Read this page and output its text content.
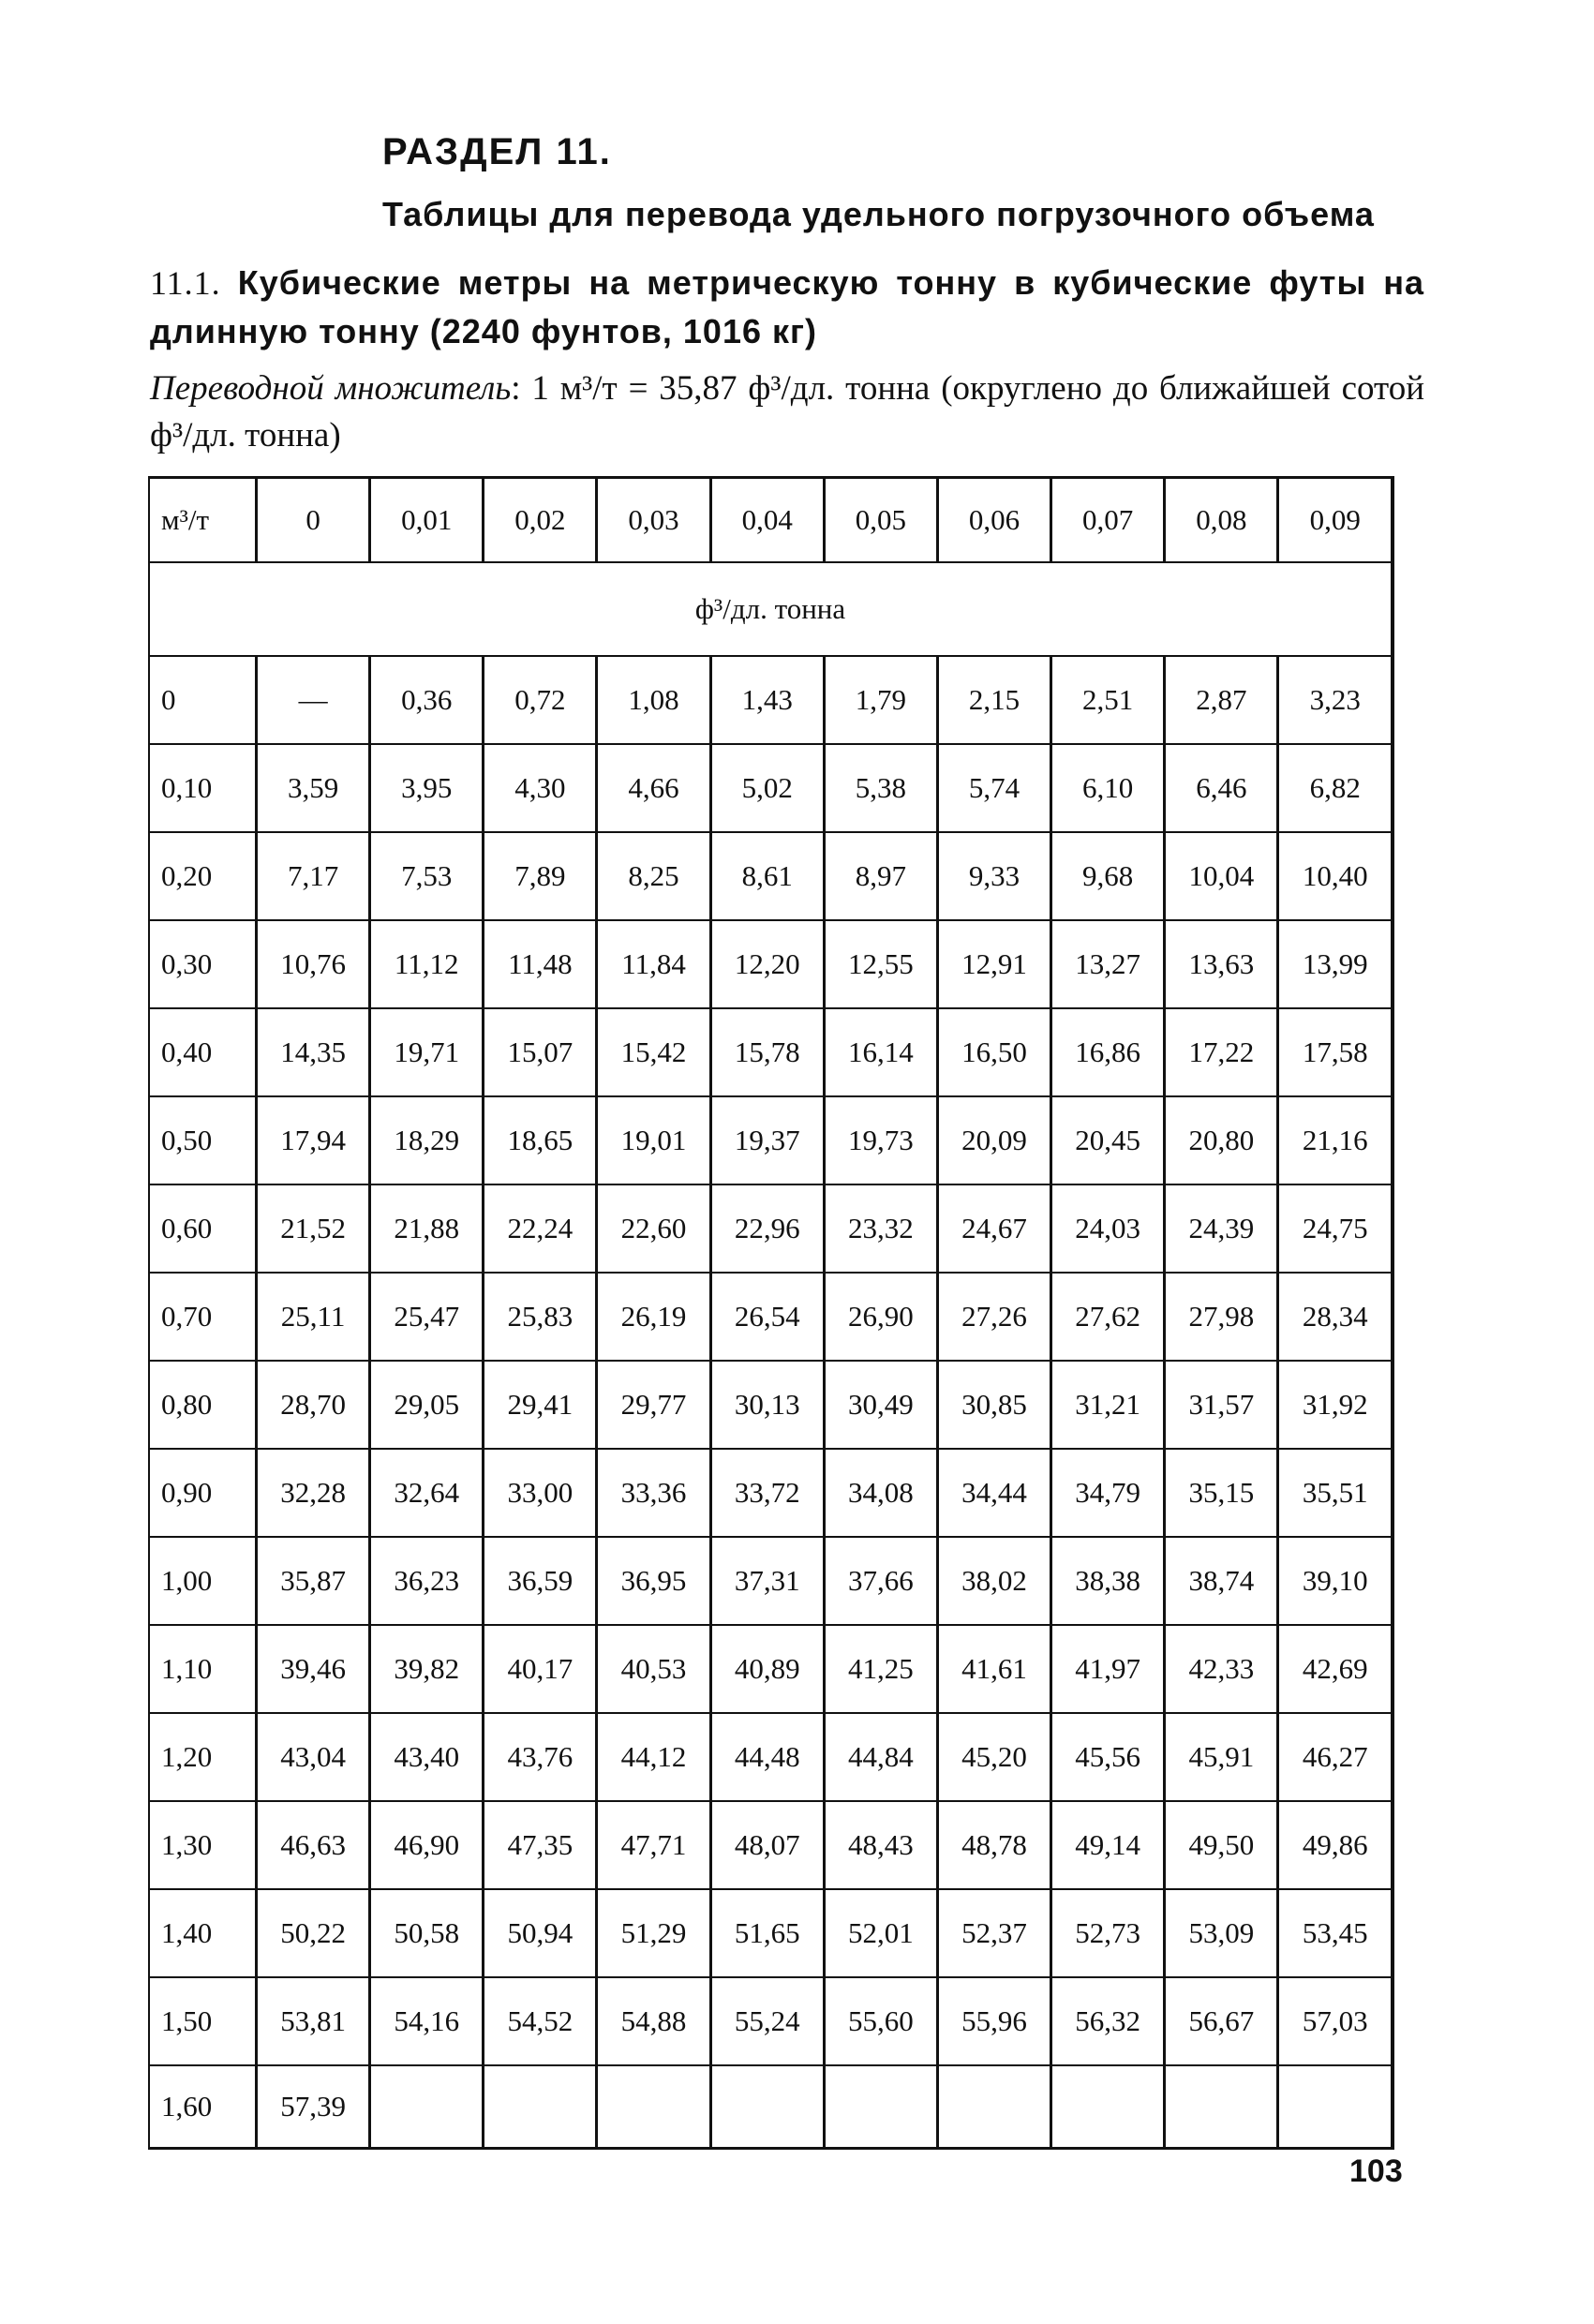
РАЗДЕЛ 11.
Таблицы для перевода удельного погрузочного объема
11.1. Кубические метры на метрическую тонну в кубические футы на длинную тонну (2240 фунтов, 1016 кг)
Переводной множитель: 1 м³/т = 35,87 ф³/дл. тонна (округлено до ближайшей сотой ф³/дл. тонна)
м³/т	0	0,01	0,02	0,03	0,04	0,05	0,06	0,07	0,08	0,09
ф³/дл. тонна										
0	—	0,36	0,72	1,08	1,43	1,79	2,15	2,51	2,87	3,23
0,10	3,59	3,95	4,30	4,66	5,02	5,38	5,74	6,10	6,46	6,82
0,20	7,17	7,53	7,89	8,25	8,61	8,97	9,33	9,68	10,04	10,40
0,30	10,76	11,12	11,48	11,84	12,20	12,55	12,91	13,27	13,63	13,99
0,40	14,35	19,71	15,07	15,42	15,78	16,14	16,50	16,86	17,22	17,58
0,50	17,94	18,29	18,65	19,01	19,37	19,73	20,09	20,45	20,80	21,16
0,60	21,52	21,88	22,24	22,60	22,96	23,32	24,67	24,03	24,39	24,75
0,70	25,11	25,47	25,83	26,19	26,54	26,90	27,26	27,62	27,98	28,34
0,80	28,70	29,05	29,41	29,77	30,13	30,49	30,85	31,21	31,57	31,92
0,90	32,28	32,64	33,00	33,36	33,72	34,08	34,44	34,79	35,15	35,51
1,00	35,87	36,23	36,59	36,95	37,31	37,66	38,02	38,38	38,74	39,10
1,10	39,46	39,82	40,17	40,53	40,89	41,25	41,61	41,97	42,33	42,69
1,20	43,04	43,40	43,76	44,12	44,48	44,84	45,20	45,56	45,91	46,27
1,30	46,63	46,90	47,35	47,71	48,07	48,43	48,78	49,14	49,50	49,86
1,40	50,22	50,58	50,94	51,29	51,65	52,01	52,37	52,73	53,09	53,45
1,50	53,81	54,16	54,52	54,88	55,24	55,60	55,96	56,32	56,67	57,03
1,60	57,39									
103
